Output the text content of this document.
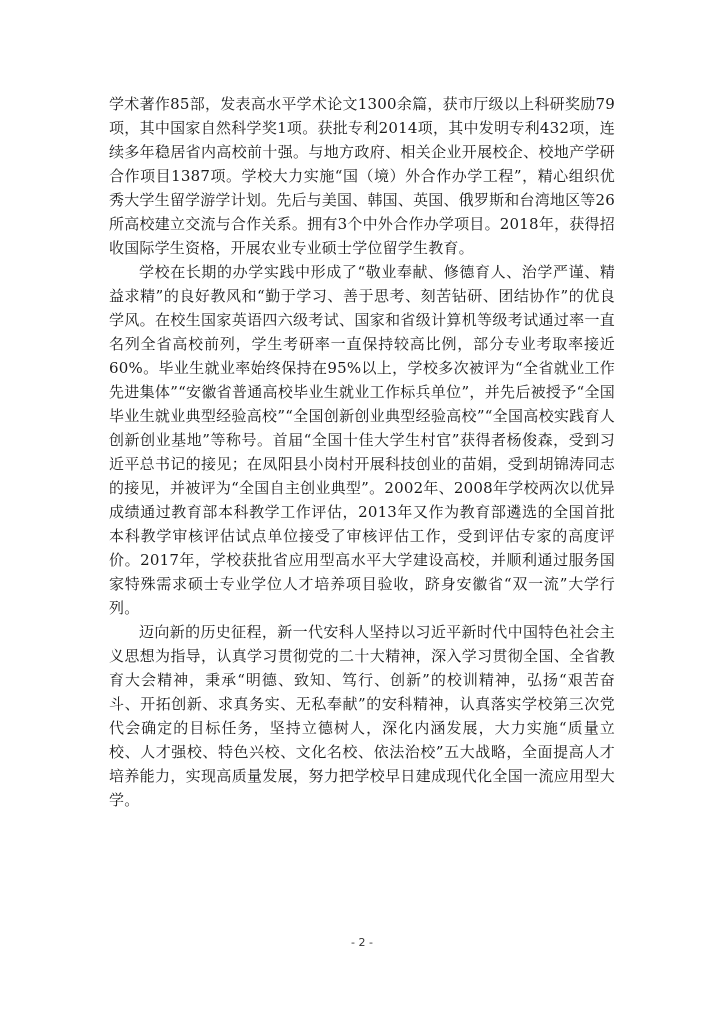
学术著作85部，发表高水平学术论文1300余篇，获市厅级以上科研奖励79项，其中国家自然科学奖1项。获批专利2014项，其中发明专利432项，连续多年稳居省内高校前十强。与地方政府、相关企业开展校企、校地产学研合作项目1387项。学校大力实施“国（境）外合作办学工程”，精心组织优秀大学生留学游学计划。先后与美国、韩国、英国、俄罗斯和台湾地区等26所高校建立交流与合作关系。拥有3个中外合作办学项目。2018年，获得招收国际学生资格，开展农业专业硕士学位留学生教育。

学校在长期的办学实践中形成了“敬业奉献、修德育人、治学严谨、精益求精”的良好教风和“勤于学习、善于思考、刻苦钻研、团结协作”的优良学风。在校生国家英语四六级考试、国家和省级计算机等级考试通过率一直名列全省高校前列，学生考研率一直保持较高比例，部分专业考取率接近60%。毕业生就业率始终保持在95%以上，学校多次被评为“全省就业工作先进集体”“安徽省普通高校毕业生就业工作标兵单位”，并先后被授予“全国毕业生就业典型经验高校”“全国创新创业典型经验高校”“全国高校实践育人创新创业基地”等称号。首届“全国十佳大学生村官”获得者杨俊森，受到习近平总书记的接见；在凤阳县小岗村开展科技创业的苗娟，受到胡锦涛同志的接见，并被评为“全国自主创业典型”。2002年、2008年学校两次以优异成绩通过教育部本科教学工作评估，2013年又作为教育部遴选的全国首批本科教学审核评估试点单位接受了审核评估工作，受到评估专家的高度评价。2017年，学校获批省应用型高水平大学建设高校，并顺利通过服务国家特殊需求硕士专业学位人才培养项目验收，跻身安徽省“双一流”大学行列。

迈向新的历史征程，新一代安科人坚持以习近平新时代中国特色社会主义思想为指导，认真学习贯彻党的二十大精神，深入学习贯彻全国、全省教育大会精神，秉承“明德、致知、笃行、创新”的校训精神，弘扬“艰苦奋斗、开拓创新、求真务实、无私奉献”的安科精神，认真落实学校第三次党代会确定的目标任务，坚持立德树人，深化内涵发展，大力实施“质量立校、人才强校、特色兴校、文化名校、依法治校”五大战略，全面提高人才培养能力，实现高质量发展，努力把学校早日建成现代化全国一流应用型大学。

- 2 -
